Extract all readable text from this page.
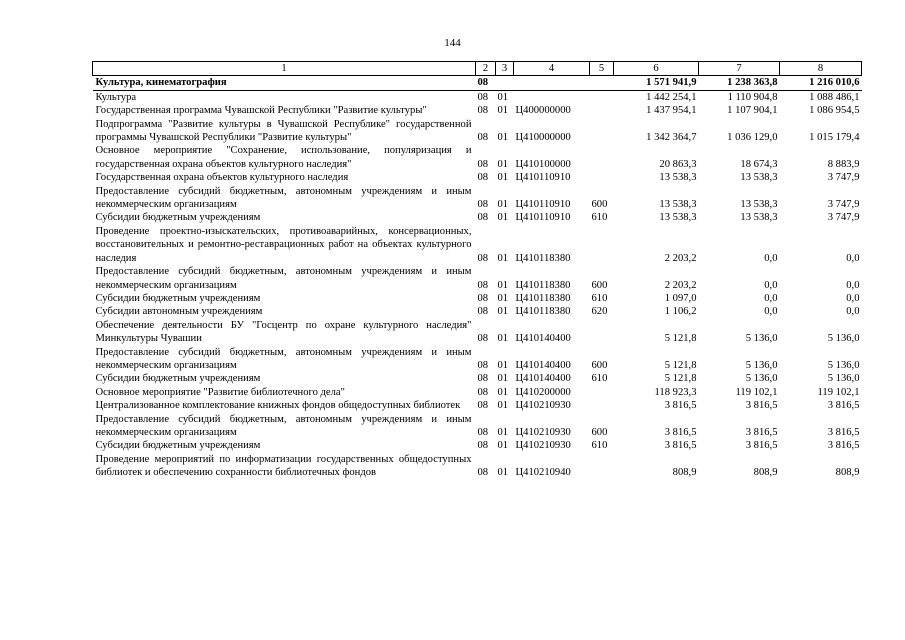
144
1	2	3	4	5	6	7	8
Культура, кинематография	08				1 571 941,9	1 238 363,8	1 216 010,6
Культура	08	01			1 442 254,1	1 110 904,8	1 088 486,1
Государственная программа Чувашской Республики "Развитие культуры"	08	01	Ц400000000		1 437 954,1	1 107 904,1	1 086 954,5
Подпрограмма "Развитие культуры в Чувашской Республике" государственной программы Чувашской Республики "Развитие культуры"	08	01	Ц410000000		1 342 364,7	1 036 129,0	1 015 179,4
Основное мероприятие "Сохранение, использование, популяризация и государственная охрана объектов культурного наследия"	08	01	Ц410100000		20 863,3	18 674,3	8 883,9
Государственная охрана объектов культурного наследия	08	01	Ц410110910		13 538,3	13 538,3	3 747,9
Предоставление субсидий бюджетным, автономным учреждениям и иным некоммерческим организациям	08	01	Ц410110910	600	13 538,3	13 538,3	3 747,9
Субсидии бюджетным учреждениям	08	01	Ц410110910	610	13 538,3	13 538,3	3 747,9
Проведение проектно-изыскательских, противоаварийных, консервационных, восстановительных и ремонтно-реставрационных работ на объектах культурного наследия	08	01	Ц410118380		2 203,2	0,0	0,0
Предоставление субсидий бюджетным, автономным учреждениям и иным некоммерческим организациям	08	01	Ц410118380	600	2 203,2	0,0	0,0
Субсидии бюджетным учреждениям	08	01	Ц410118380	610	1 097,0	0,0	0,0
Субсидии автономным учреждениям	08	01	Ц410118380	620	1 106,2	0,0	0,0
Обеспечение деятельности БУ "Госцентр по охране культурного наследия" Минкультуры Чувашии	08	01	Ц410140400		5 121,8	5 136,0	5 136,0
Предоставление субсидий бюджетным, автономным учреждениям и иным некоммерческим организациям	08	01	Ц410140400	600	5 121,8	5 136,0	5 136,0
Субсидии бюджетным учреждениям	08	01	Ц410140400	610	5 121,8	5 136,0	5 136,0
Основное мероприятие "Развитие библиотечного дела"	08	01	Ц410200000		118 923,3	119 102,1	119 102,1
Централизованное комплектование книжных фондов общедоступных библиотек	08	01	Ц410210930		3 816,5	3 816,5	3 816,5
Предоставление субсидий бюджетным, автономным учреждениям и иным некоммерческим организациям	08	01	Ц410210930	600	3 816,5	3 816,5	3 816,5
Субсидии бюджетным учреждениям	08	01	Ц410210930	610	3 816,5	3 816,5	3 816,5
Проведение мероприятий по информатизации государственных общедоступных библиотек и обеспечению сохранности библиотечных фондов	08	01	Ц410210940		808,9	808,9	808,9
